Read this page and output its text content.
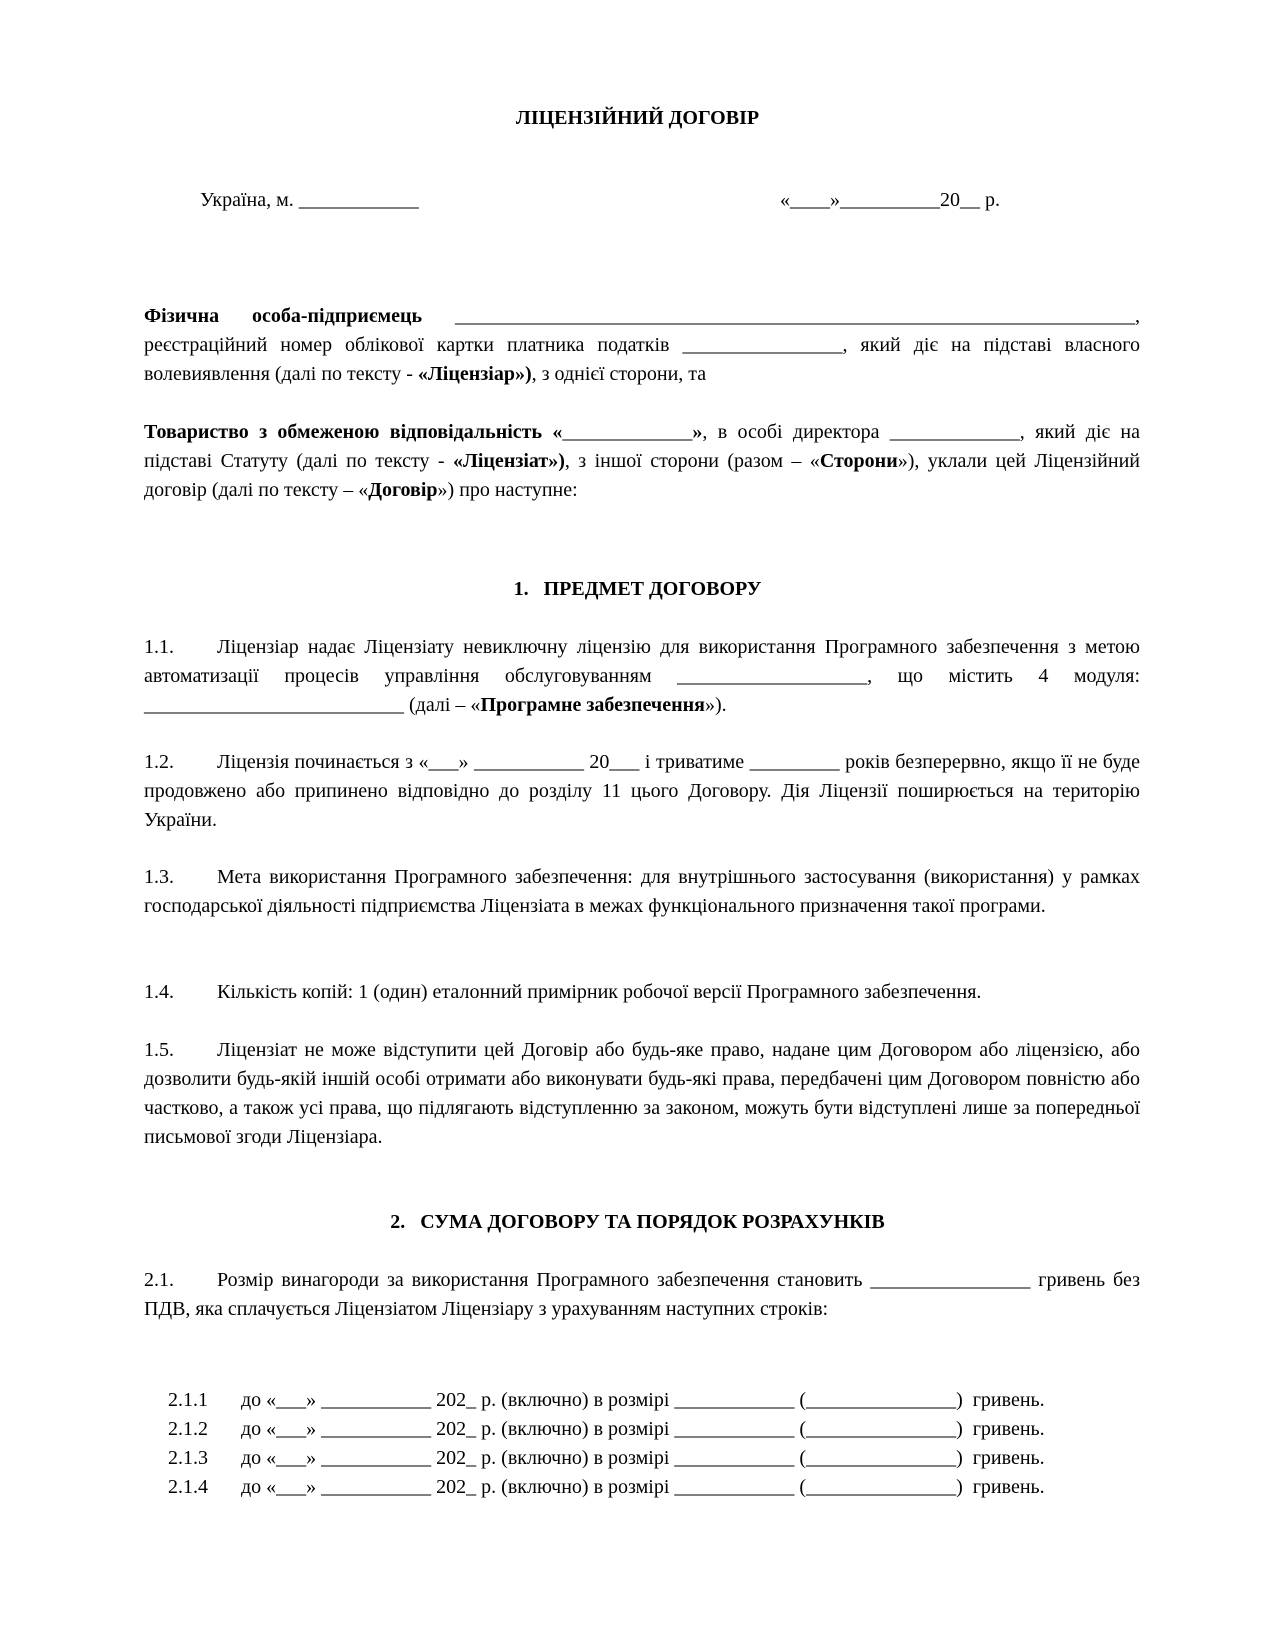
ЛІЦЕНЗІЙНИЙ ДОГОВІР
Україна, м. ____________	«____»__________20__ р.
Фізична особа-підприємець ____________________________________________________________________, реєстраційний номер облікової картки платника податків ________________, який діє на підставі власного волевиявлення (далі по тексту - «Ліцензіар»), з однієї сторони, та
Товариство з обмеженою відповідальність «_____________», в особі директора _____________, який діє на підставі Статуту (далі по тексту - «Ліцензіат»), з іншої сторони (разом – «Сторони»), уклали цей Ліцензійний договір (далі по тексту – «Договір») про наступне:
1.   ПРЕДМЕТ ДОГОВОРУ
1.1. Ліцензіар надає Ліцензіату невиключну ліцензію для використання Програмного забезпечення з метою автоматизації процесів управління обслуговуванням ___________________, що містить 4 модуля: __________________________ (далі – «Програмне забезпечення»).
1.2. Ліцензія починається з «___» ___________ 20___ і триватиме _________ років безперервно, якщо її не буде продовжено або припинено відповідно до розділу 11 цього Договору. Дія Ліцензії поширюється на територію України.
1.3. Мета використання Програмного забезпечення: для внутрішнього застосування (використання) у рамках господарської діяльності підприємства Ліцензіата в межах функціонального призначення такої програми.
1.4. Кількість копій: 1 (один) еталонний примірник робочої версії Програмного забезпечення.
1.5. Ліцензіат не може відступити цей Договір або будь-яке право, надане цим Договором або ліцензією, або дозволити будь-якій іншій особі отримати або виконувати будь-які права, передбачені цим Договором повністю або частково, а також усі права, що підлягають відступленню за законом, можуть бути відступлені лише за попередньої письмової згоди Ліцензіара.
2.   СУМА ДОГОВОРУ ТА ПОРЯДОК РОЗРАХУНКІВ
2.1. Розмір винагороди за використання Програмного забезпечення становить ________________ гривень без ПДВ, яка сплачується Ліцензіатом Ліцензіару з урахуванням наступних строків:

2.1.1 до «___» ___________ 202_ р. (включно) в розмірі ____________ (_______________)  гривень.

2.1.2 до «___» ___________ 202_ р. (включно) в розмірі ____________ (_______________)  гривень.

2.1.3 до «___» ___________ 202_ р. (включно) в розмірі ____________ (_______________)  гривень.

2.1.4 до «___» ___________ 202_ р. (включно) в розмірі ____________ (_______________)  гривень.
